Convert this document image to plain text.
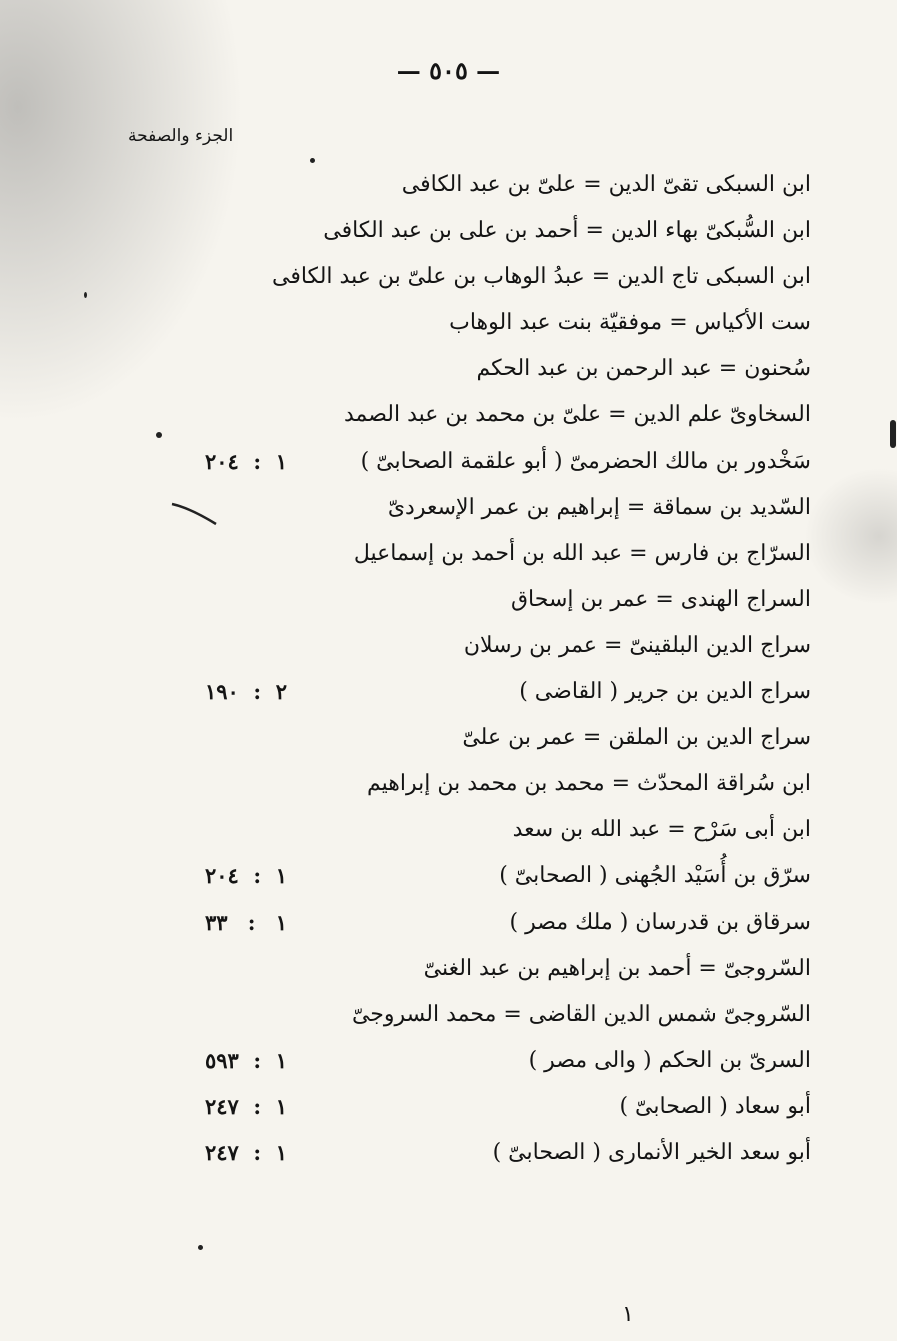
— ٥٠٥ —
الجزء والصفحة
ابن السبكى تقىّ الدين = علىّ بن عبد الكافى
ابن السُّبكىّ بهاء الدين = أحمد بن على بن عبد الكافى
ابن السبكى تاج الدين = عبدُ الوهاب بن علىّ بن عبد الكافى
ست الأكياس = موفقيّة بنت عبد الوهاب
سُحنون = عبد الرحمن بن عبد الحكم
السخاوىّ علم الدين = علىّ بن محمد بن عبد الصمد
سَخْدور بن مالك الحضرمىّ ( أبو علقمة الصحابىّ )
١
:
٢٠٤
السّديد بن سماقة = إبراهيم بن عمر الإسعردىّ
السرّاج بن فارس = عبد الله بن أحمد بن إسماعيل
السراج الهندى = عمر بن إسحاق
سراج الدين البلقينىّ = عمر بن رسلان
سراج الدين بن جرير ( القاضى )
٢
:
١٩٠
سراج الدين بن الملقن = عمر بن علىّ
ابن سُراقة المحدّث = محمد بن محمد بن إبراهيم
ابن أبى سَرْح = عبد الله بن سعد
سرّق بن أُسَيْد الجُهنى ( الصحابىّ )
١
:
٢٠٤
سرقاق بن قدرسان ( ملك مصر )
١
:
٣٣
السّروجىّ = أحمد بن إبراهيم بن عبد الغنىّ
السّروجىّ شمس الدين القاضى = محمد السروجىّ
السرىّ بن الحكم ( والى مصر )
١
:
٥٩٣
أبو سعاد ( الصحابىّ )
١
:
٢٤٧
أبو سعد الخير الأنمارى ( الصحابىّ )
١
:
٢٤٧
١
